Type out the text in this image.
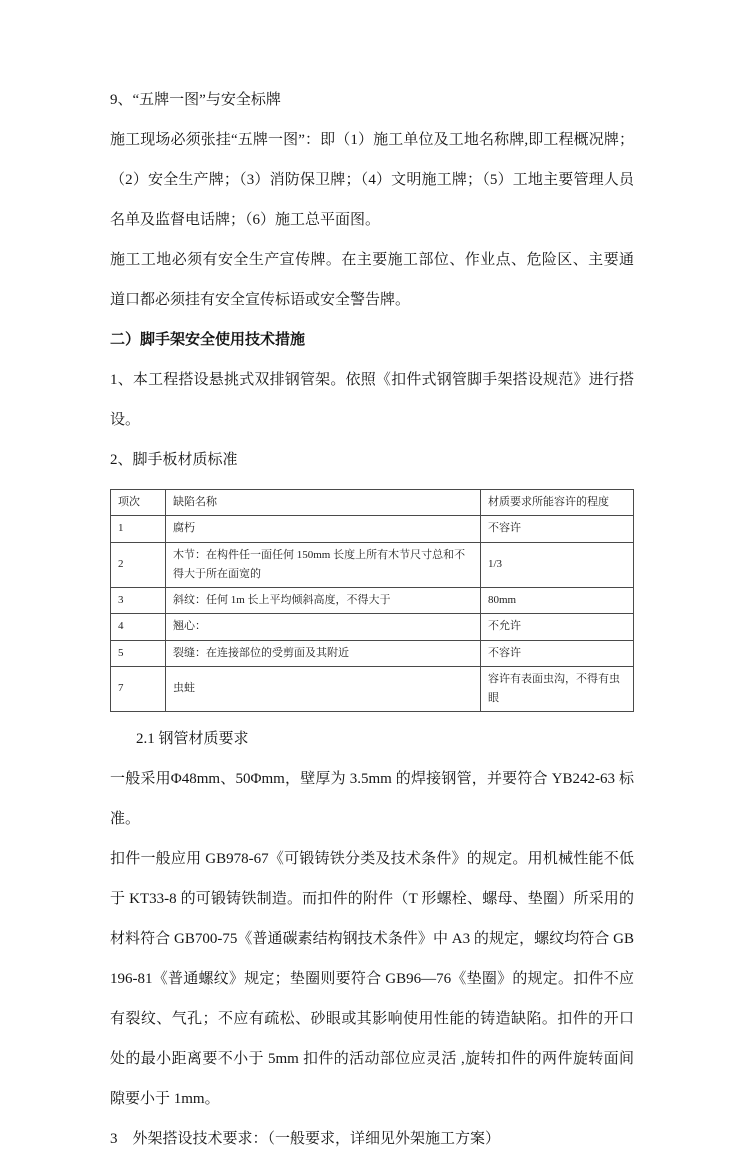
9、“五牌一图”与安全标牌

施工现场必须张挂“五牌一图”：即（1）施工单位及工地名称牌,即工程概况牌；（2）安全生产牌；（3）消防保卫牌；（4）文明施工牌；（5）工地主要管理人员名单及监督电话牌；（6）施工总平面图。

施工工地必须有安全生产宣传牌。在主要施工部位、作业点、危险区、主要通道口都必须挂有安全宣传标语或安全警告牌。

二）脚手架安全使用技术措施

1、本工程搭设悬挑式双排钢管架。依照《扣件式钢管脚手架搭设规范》进行搭设。

2、脚手板材质标准

项次	缺陷名称	材质要求所能容许的程度
1	腐朽	不容许
2	木节：在构件任一面任何 150mm 长度上所有木节尺寸总和不得大于所在面宽的	1/3
3	斜纹：任何 1m 长上平均倾斜高度，不得大于	80mm
4	翘心：	不允许
5	裂缝：在连接部位的受剪面及其附近	不容许
7	虫蛀	容许有表面虫沟，不得有虫眼

2.1 钢管材质要求

一般采用Φ48mm、50Φmm，壁厚为 3.5mm 的焊接钢管，并要符合 YB242-63 标准。

扣件一般应用 GB978-67《可锻铸铁分类及技术条件》的规定。用机械性能不低于 KT33-8 的可锻铸铁制造。而扣件的附件（T 形螺栓、螺母、垫圈）所采用的材料符合 GB700-75《普通碳素结构钢技术条件》中 A3 的规定，螺纹均符合 GB196-81《普通螺纹》规定；垫圈则要符合 GB96—76《垫圈》的规定。扣件不应有裂纹、气孔；不应有疏松、砂眼或其影响使用性能的铸造缺陷。扣件的开口处的最小距离要不小于 5mm 扣件的活动部位应灵活 ,旋转扣件的两件旋转面间隙要小于 1mm。

3　外架搭设技术要求：（一般要求，详细见外架施工方案）
